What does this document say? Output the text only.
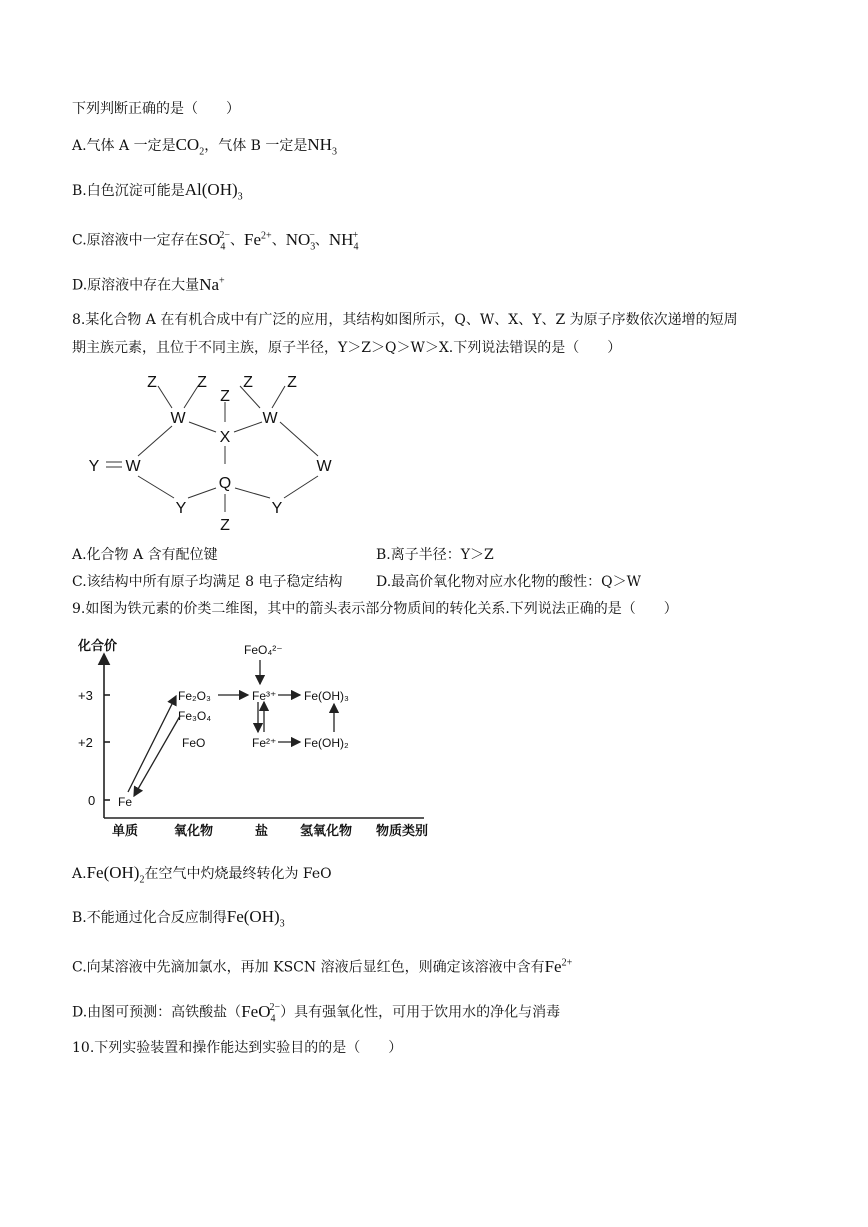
下列判断正确的是（　　）
A.气体 A 一定是$CO_2$，气体 B 一定是$NH_3$
B.白色沉淀可能是$Al(OH)_3$
C.原溶液中一定存在$SO_4^{2-}$、$Fe^{2+}$、$NO_3^-$、$NH_4^+$
D.原溶液中存在大量Na+
8.某化合物 A 在有机合成中有广泛的应用，其结构如图所示，Q、W、X、Y、Z 为原子序数依次递增的短周
期主族元素，且位于不同主族，原子半径，Y＞Z＞Q＞W＞X.下列说法错误的是（　　）
Z	Z
W
Z
X
Z Z
W
Y W	W
Q
Y	Y
Z
A.化合物 A 含有配位键	B.离子半径：Y＞Z
C.该结构中所有原子均满足 8 电子稳定结构 D.最高价氧化物对应水化物的酸性：Q＞W
9.如图为铁元素的价类二维图，其中的箭头表示部分物质间的转化关系.下列说法正确的是（　　）
化合价
+3
+2
0
单质	氧化物	盐 氢氧化物 物质类别
Fe
Fe₂O₃
Fe₃O₄
FeO
FeO₄²⁻
Fe³⁺
Fe²⁺
Fe(OH)₃
Fe(OH)₂
$A.Fe(OH)_2$在空气中灼烧最终转化为 FeO
B.不能通过化合反应制得$Fe(OH)_3$
C.向某溶液中先滴加氯水，再加 KSCN 溶液后显红色，则确定该溶液中含有$Fe^{2+}$
D.由图可预测：高铁酸盐（FeO$_4^{2-}$）具有强氧化性，可用于饮用水的净化与消毒
10.下列实验装置和操作能达到实验目的的是（　　）
